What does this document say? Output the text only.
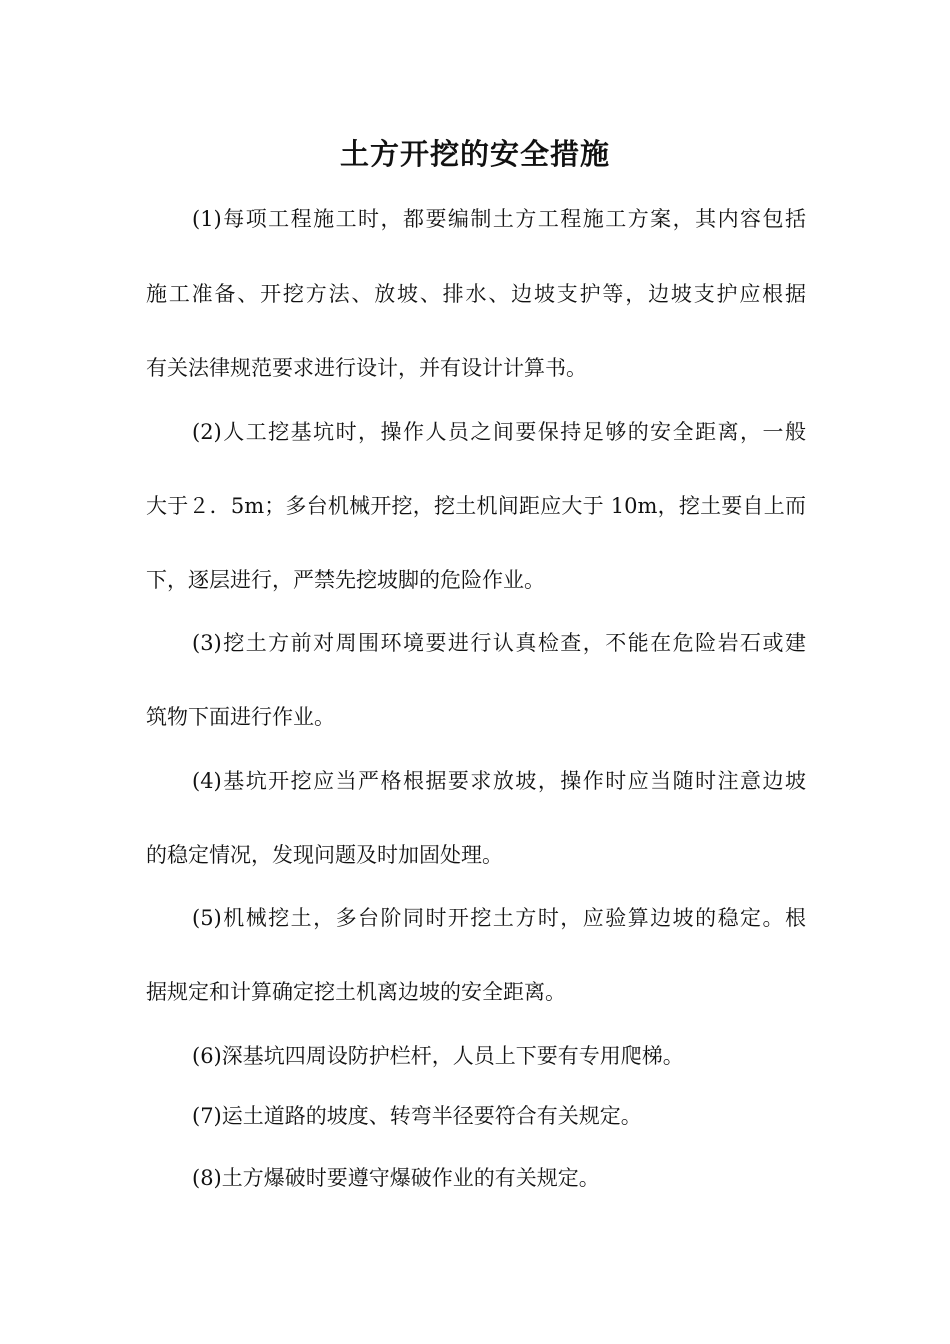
土方开挖的安全措施
(1)每项工程施工时，都要编制土方工程施工方案，其内容包括
施工准备、开挖方法、放坡、排水、边坡支护等，边坡支护应根据
有关法律规范要求进行设计，并有设计计算书。
(2)人工挖基坑时，操作人员之间要保持足够的安全距离，一般
大于２．5m；多台机械开挖，挖土机间距应大于 10m，挖土要自上而
下，逐层进行，严禁先挖坡脚的危险作业。
(3)挖土方前对周围环境要进行认真检查，不能在危险岩石或建
筑物下面进行作业。
(4)基坑开挖应当严格根据要求放坡，操作时应当随时注意边坡
的稳定情况，发现问题及时加固处理。
(5)机械挖土，多台阶同时开挖土方时，应验算边坡的稳定。根
据规定和计算确定挖土机离边坡的安全距离。
(6)深基坑四周设防护栏杆，人员上下要有专用爬梯。
(7)运土道路的坡度、转弯半径要符合有关规定。
(8)土方爆破时要遵守爆破作业的有关规定。
